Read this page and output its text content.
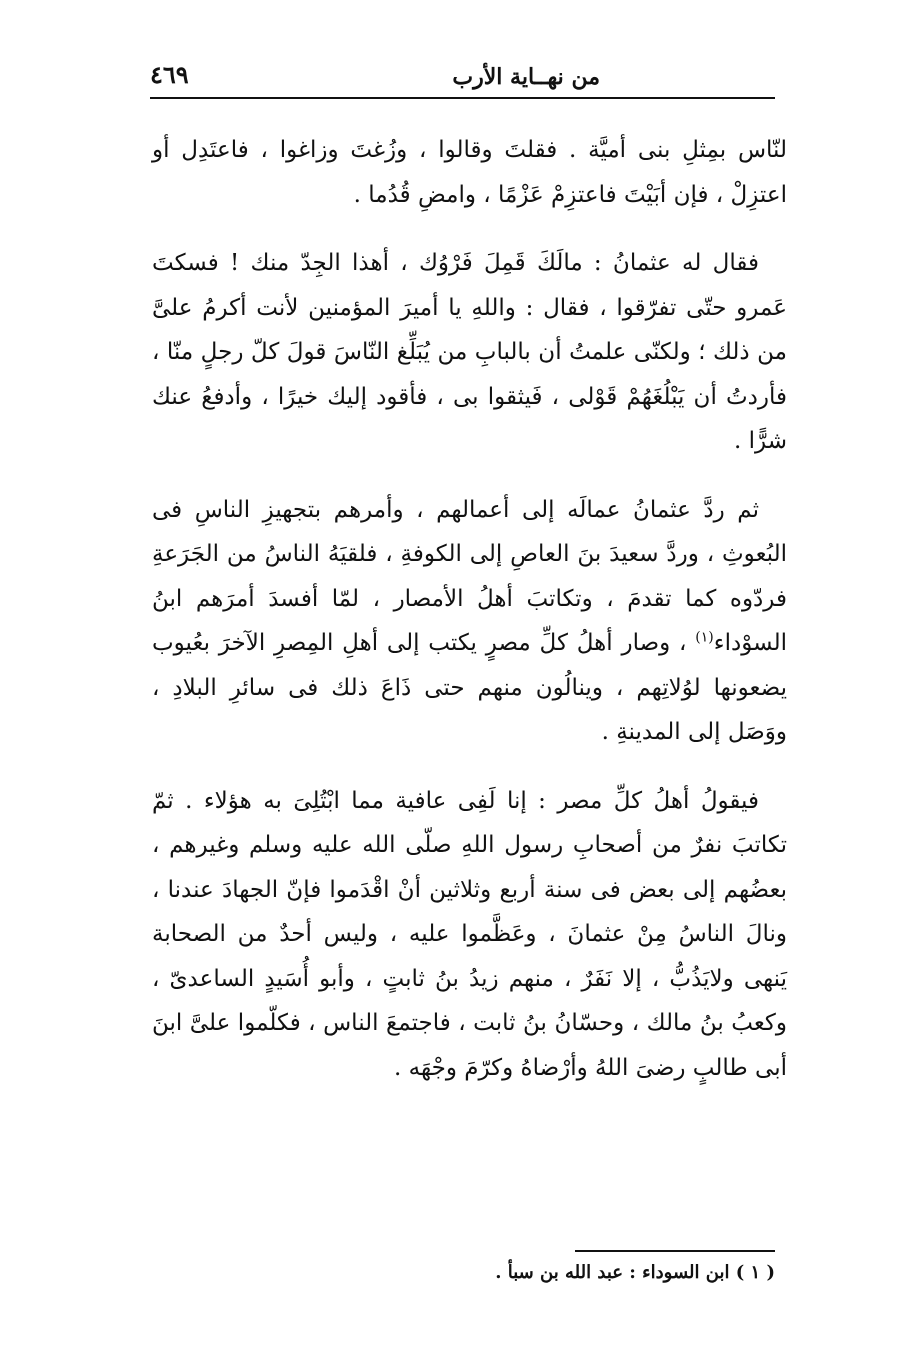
من نهــاية الأرب
٤٦٩

لنّاس بمِثلِ بنى أميَّة . فقلتَ وقالوا ، وزُغتَ وزاغوا ، فاعتَدِل أو اعتزِلْ ، فإن أبَيْتَ فاعتزِمْ عَزْمًا ، وامضِ قُدُما .

فقال له عثمانُ : مالَكَ قَمِلَ فَرْوُك ، أهذا الجِدّ منك ! فسكتَ عَمرو حتّى تفرّقوا ، فقال : واللهِ يا أميرَ المؤمنين لأنت أكرمُ علىَّ من ذلك ؛ ولكنّى علمتُ أن بالبابِ من يُبَلِّغ النّاسَ قولَ كلّ رجلٍ منّا ، فأردتُ أن يَبْلُغَهُمْ قَوْلى ، فَيثقوا بى ، فأقود إليك خيرًا ، وأدفعُ عنك شرًّا .

ثم ردَّ عثمانُ عمالَه إلى أعمالهم ، وأمرهم بتجهيزِ الناسِ فى البُعوثِ ، وردَّ سعيدَ بنَ العاصِ إلى الكوفةِ ، فلقيَهُ الناسُ من الجَرَعةِ فردّوه كما تقدمَ ، وتكاتبَ أهلُ الأمصار ، لمّا أفسدَ أمرَهم ابنُ السوْداء$^{(١)}$ ، وصار أهلُ كلِّ مصرٍ يكتب إلى أهلِ المِصرِ الآخرَ بعُيوب يضعونها لوُلاتِهم ، وينالُون منهم حتى ذَاعَ ذلك فى سائرِ البلادِ ، ووَصَل إلى المدينةِ .

فيقولُ أهلُ كلِّ مصر : إنا لَفِى عافية مما ابْتُلِىَ به هؤلاء . ثمّ تكاتبَ نفرٌ من أصحابِ رسول اللهِ صلّى الله عليه وسلم وغيرهم ، بعضُهم إلى بعض فى سنة أربع وثلاثين أنْ اقْدَموا فإنّ الجهادَ عندنا ، ونالَ الناسُ مِنْ عثمانَ ، وعَظَّموا عليه ، وليس أحدٌ من الصحابة يَنهى ولايَذُبُّ ، إلا نَفَرٌ ، منهم زيدُ بنُ ثابتٍ ، وأبو أُسَيدٍ الساعدىّ ، وكعبُ بنُ مالك ، وحسّانُ بنُ ثابت ، فاجتمعَ الناس ، فكلّموا علىَّ ابنَ أبى طالبٍ رضىَ اللهُ وأرْضاهُ وكرّمَ وجْهَه .

( ١ ) ابن السوداء : عبد الله بن سبأ .
